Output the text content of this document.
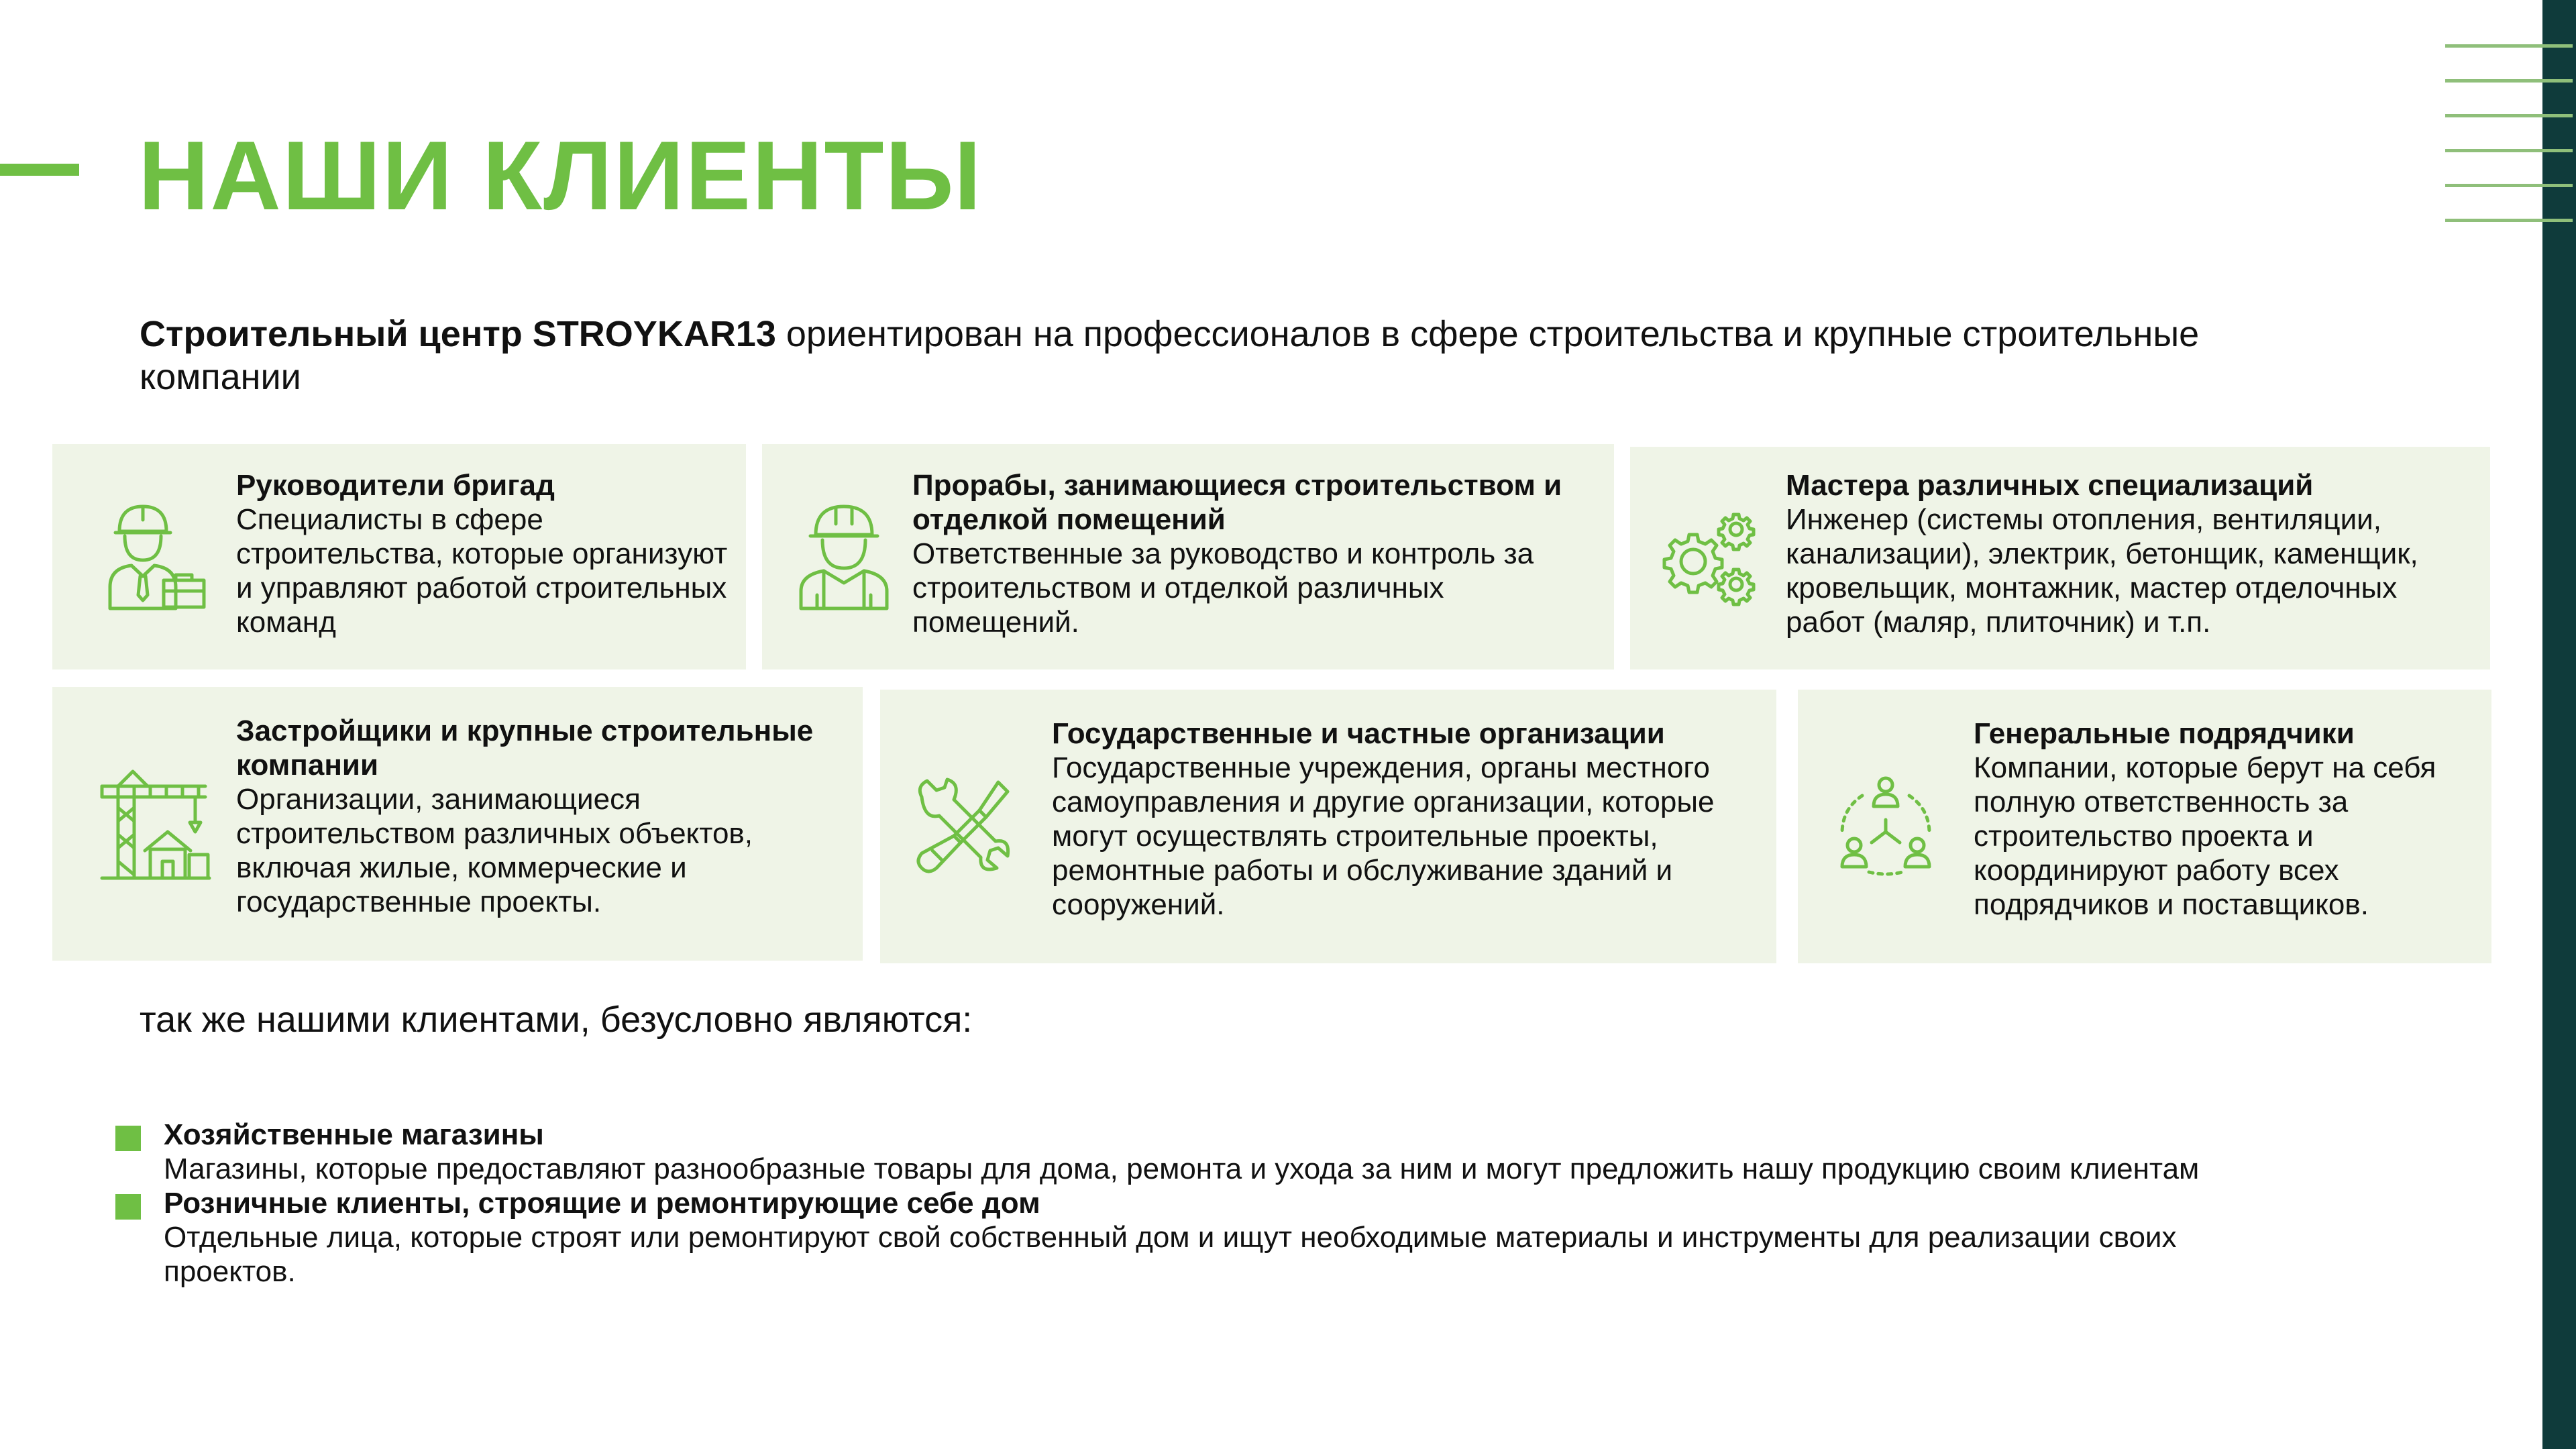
НАШИ КЛИЕНТЫ
Строительный центр STROYKAR13 ориентирован на профессионалов в сфере строительства и крупные строительные компании
Руководители бригад
Специалисты в сфере строительства, которые организуют и управляют работой строительных команд
Прорабы, занимающиеся строительством и отделкой помещений
Ответственные за руководство и контроль за строительством и отделкой различных помещений.
Мастера различных специализаций
Инженер (системы отопления, вентиляции, канализации), электрик, бетонщик, каменщик, кровельщик, монтажник, мастер отделочных работ (маляр, плиточник) и т.п.
Застройщики и крупные строительные компании
Организации, занимающиеся строительством различных объектов, включая жилые, коммерческие и государственные проекты.
Государственные и частные организации
Государственные учреждения, органы местного самоуправления и другие организации, которые могут осуществлять строительные проекты, ремонтные работы и обслуживание зданий и сооружений.
Генеральные подрядчики
Компании, которые берут на себя полную ответственность за строительство проекта и координируют работу всех подрядчиков и поставщиков.
так же нашими клиентами, безусловно являются:
Хозяйственные магазины
Магазины, которые предоставляют разнообразные товары для дома, ремонта и ухода за ним и могут предложить нашу продукцию своим клиентам
Розничные клиенты, строящие и ремонтирующие себе дом
Отдельные лица, которые строят или ремонтируют свой собственный дом и ищут необходимые материалы и инструменты для реализации своих проектов.
